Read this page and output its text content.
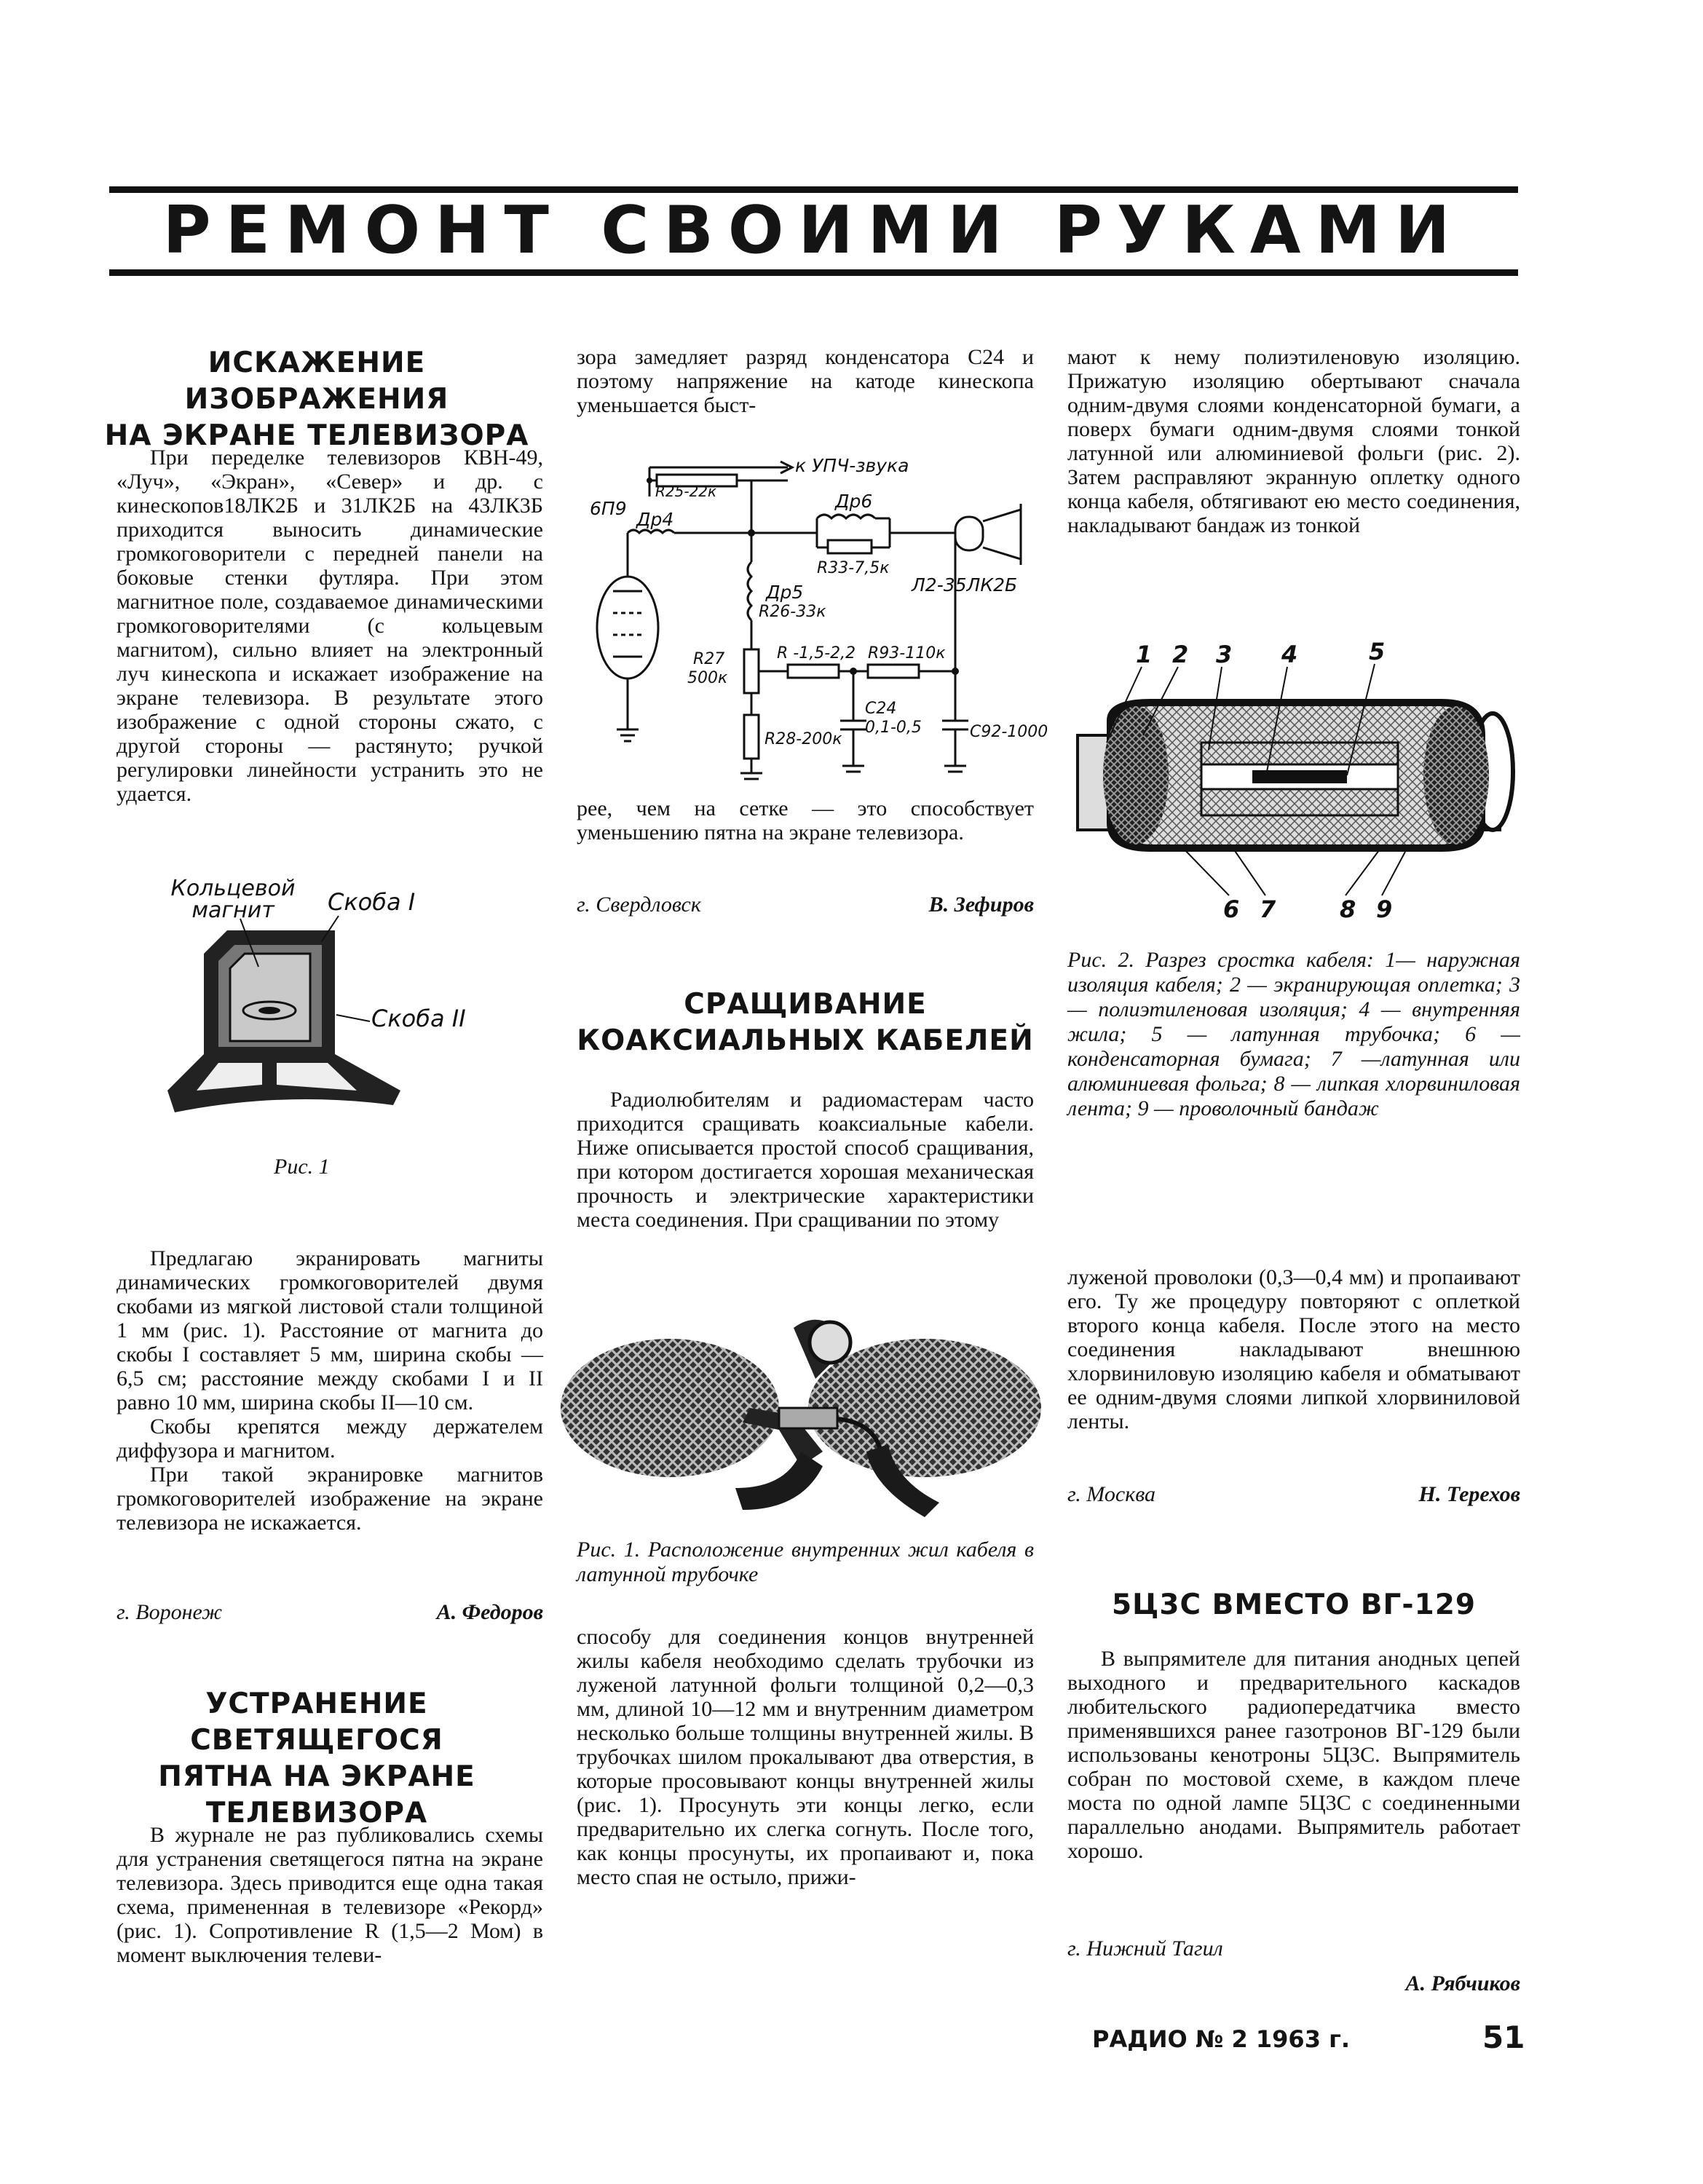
РЕМОНТ СВОИМИ РУКАМИ
ИСКАЖЕНИЕ ИЗОБРАЖЕНИЯ
НА ЭКРАНЕ ТЕЛЕВИЗОРА

При переделке телевизоров КВН-49, «Луч», «Экран», «Север» и др. с кинескопов18ЛК2Б и 31ЛК2Б на 43ЛК3Б приходится выносить динамические громкоговорители с передней панели на боковые стенки футляра. При этом магнитное поле, создаваемое динамическими громкоговорителями (с кольцевым магнитом), сильно влияет на электронный луч кинескопа и искажает изображение на экране телевизора. В результате этого изображение с одной стороны сжато, с другой стороны — растянуто; ручкой регулировки линейности устранить это не удается.

Кольцевой магнит	Скоба I
Скоба II
Рис. 1

Предлагаю экранировать магниты динамических громкоговорителей двумя скобами из мягкой листовой стали толщиной 1 мм (рис. 1). Расстояние от магнита до скобы I составляет 5 мм, ширина скобы — 6,5 см; расстояние между скобами I и II равно 10 мм, ширина скобы II—10 см.

Скобы крепятся между держателем диффузора и магнитом.

При такой экранировке магнитов громкоговорителей изображение на экране телевизора не искажается.

г. Воронеж	А. Федоров
УСТРАНЕНИЕ СВЕТЯЩЕГОСЯ
ПЯТНА НА ЭКРАНЕ
ТЕЛЕВИЗОРА

В журнале не раз публиковались схемы для устранения светящегося пятна на экране телевизора. Здесь приводится еще одна такая схема, примененная в телевизоре «Рекорд» (рис. 1). Сопротивление R (1,5—2 Мом) в момент выключения телеви-

зора замедляет разряд конденсатора C24 и поэтому напряжение на катоде кинескопа уменьшается быст-

к УПЧ-звука
R25-22к
6П9
Др4
Др5
Др6
R33-7,5к
Л2-35ЛК2Б
R26-33к
R27
500к
R -1,5-2,2 R93-110к
C24
0,1-0,5
R28-200к	C92-1000

рее, чем на сетке — это способствует уменьшению пятна на экране телевизора.

г. Свердловск	В. Зефиров
СРАЩИВАНИЕ
КОАКСИАЛЬНЫХ КАБЕЛЕЙ

Радиолюбителям и радиомастерам часто приходится сращивать коаксиальные кабели. Ниже описывается простой способ сращивания, при котором достигается хорошая механическая прочность и электрические характеристики места соединения. При сращивании по этому

Рис. 1. Расположение внутренних жил кабеля в латунной трубочке

способу для соединения концов внутренней жилы кабеля необходимо сделать трубочки из луженой латунной фольги толщиной 0,2—0,3 мм, длиной 10—12 мм и внутренним диаметром несколько больше толщины внутренней жилы. В трубочках шилом прокалывают два отверстия, в которые просовывают концы внутренней жилы (рис. 1). Просунуть эти концы легко, если предварительно их слегка согнуть. После того, как концы просунуты, их пропаивают и, пока место спая не остыло, прижи-

мают к нему полиэтиленовую изоляцию. Прижатую изоляцию обертывают сначала одним-двумя слоями конденсаторной бумаги, а поверх бумаги одним-двумя слоями тонкой латунной или алюминиевой фольги (рис. 2). Затем расправляют экранную оплетку одного конца кабеля, обтягивают ею место соединения, накладывают бандаж из тонкой

1 2 3 4	5
6 7	8 9
Рис. 2. Разрез сростка кабеля: 1— наружная изоляция кабеля; 2 — экранирующая оплетка; 3 — полиэтиленовая изоляция; 4 — внутренняя жила; 5 — латунная трубочка; 6 — конденсаторная бумага; 7 —латунная или алюминиевая фольга; 8 — липкая хлорвиниловая лента; 9 — проволочный бандаж

луженой проволоки (0,3—0,4 мм) и пропаивают его. Ту же процедуру повторяют с оплеткой второго конца кабеля. После этого на место соединения накладывают внешнюю хлорвиниловую изоляцию кабеля и обматывают ее одним-двумя слоями липкой хлорвиниловой ленты.

г. Москва	Н. Терехов
5Ц3С ВМЕСТО ВГ-129

В выпрямителе для питания анодных цепей выходного и предварительного каскадов любительского радиопередатчика вместо применявшихся ранее газотронов ВГ-129 были использованы кенотроны 5Ц3С. Выпрямитель собран по мостовой схеме, в каждом плече моста по одной лампе 5Ц3С с соединенными параллельно анодами. Выпрямитель работает хорошо.

г. Нижний Тагил
А. Рябчиков
РАДИО № 2 1963 г.	51
